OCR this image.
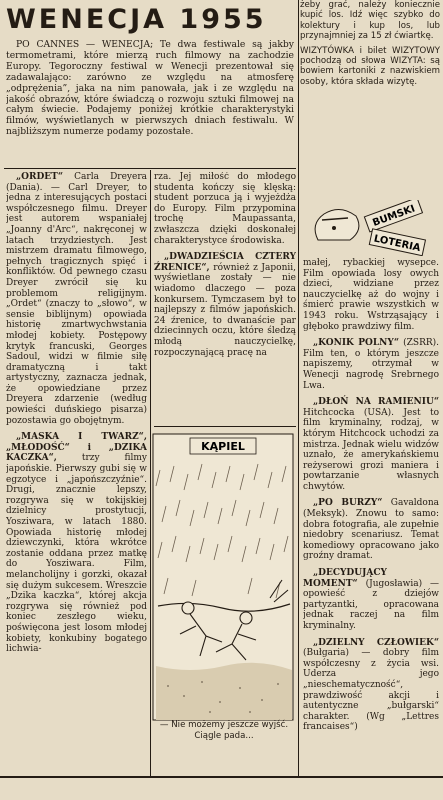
WENECJA 1955

PO CANNES — WENECJA; Te dwa festiwale są jakby termometrami, które mierzą ruch filmowy na zachodzie Europy. Tegoroczny festiwal w Wenecji prezentował się zadawalająco: zarówno ze względu na atmosferę „odprężenia”, jaka na nim panowała, jak i ze względu na jakość obrazów, które świadczą o rozwoju sztuki filmowej na całym świecie. Podajemy poniżej krótkie charakterystyki filmów, wyświetlanych w pierwszych dniach festiwalu. W najbliższym numerze podamy pozostałe.

„ORDET“ Carla Dreyera (Dania). — Carl Dreyer, to jedna z interesujących postaci współczesnego filmu. Dreyer jest autorem wspaniałej „Joanny d'Arc“, nakręconej w latach trzydziestych. Jest mistrzem dramatu filmowego, pełnych tragicznych spięć i konfliktów. Od pewnego czasu Dreyer zwrócił się ku problemom religijnym. „Ordet“ (znaczy to „słowo“, w sensie biblijnym) opowiada historię zmartwychwstania młodej kobiety. Postępowy krytyk francuski, Georges Sadoul, widzi w filmie siłę dramatyczną i takt artystyczny, zaznacza jednak, że opowiedziane przez Dreyera zdarzenie (według powieści duńskiego pisarza) pozostawia go obojętnym.

„MASKA I TWARZ“, „MŁODOŚĆ“ i „DZIKA KACZKA“, trzy filmy japońskie. Pierwszy gubi się w egzotyce i „japońszczyźnie“. Drugi, znacznie lepszy, rozgrywa się w tokijskiej dzielnicy prostytucji, Yosziwara, w latach 1880. Opowiada historię młodej dziewczynki, która wkrótce zostanie oddana przez matkę do Yosziwara. Film, melancholijny i gorzki, okazał się dużym sukcesem. Wreszcie „Dzika kaczka“, której akcja rozgrywa się również pod koniec zeszłego wieku, poświęcona jest losom młodej kobiety, konkubiny bogatego lichwia-

rza. Jej miłość do młodego studenta kończy się klęską: student porzuca ją i wyjeżdża do Europy. Film przypomina trochę Maupassanta, zwłaszcza dzięki doskonałej charakterystyce środowiska.

„DWADZIEŚCIA CZTERY ŹRENICE“, również z Japonii, wyświetlane zostały — nie wiadomo dlaczego — poza konkursem. Tymczasem był to najlepszy z filmów japońskich. 24 źrenice, to dwanaście par dziecinnych oczu, które śledzą młodą nauczycielkę, rozpoczynającą pracę na

KĄPIEL
— Nie możemy jeszcze wyjść. Ciągle pada...

żeby grać, należy koniecznie kupić los. Idź więc szybko do kolektury i kup los, lub przynajmniej za 15 zł ćwiartkę.

WIZYTÓWKA i bilet WIZYTOWY pochodzą od słowa WIZYTA: są bowiem kartoniki z nazwiskiem osoby, która składa wizytę.

BUMSKI
LOTERIA

małej, rybackiej wysepce. Film opowiada losy owych dzieci, widziane przez nauczycielkę aż do wojny i śmierć prawie wszystkich w 1943 roku. Wstrząsający i głęboko prawdziwy film.

„KONIK POLNY“ (ZSRR). Film ten, o którym jeszcze napiszemy, otrzymał w Wenecji nagrodę Srebrnego Lwa.

„DŁOŃ NA RAMIENIU“ Hitchcocka (USA). Jest to film kryminalny, rodzaj, w którym Hitchcock uchodzi za mistrza. Jednak wielu widzów uznało, że amerykańskiemu reżyserowi grozi maniera i powtarzanie własnych chwytów.

„PO BURZY“ Gavaldona (Meksyk). Znowu to samo: dobra fotografia, ale zupełnie niedobry scenariusz. Temat komediowy opracowano jako groźny dramat.

„DECYDUJĄCY MOMENT“ (Jugosławia) — opowieść z dziejów partyzantki, opracowana jednak raczej na film kryminalny.

„DZIELNY CZŁOWIEK“ (Bułgaria) — dobry film współczesny z życia wsi. Uderza jego „nieschematyczność“, prawdziwość akcji i autentyczne „bułgarski“ charakter. (Wg „Lettres francaises“)
